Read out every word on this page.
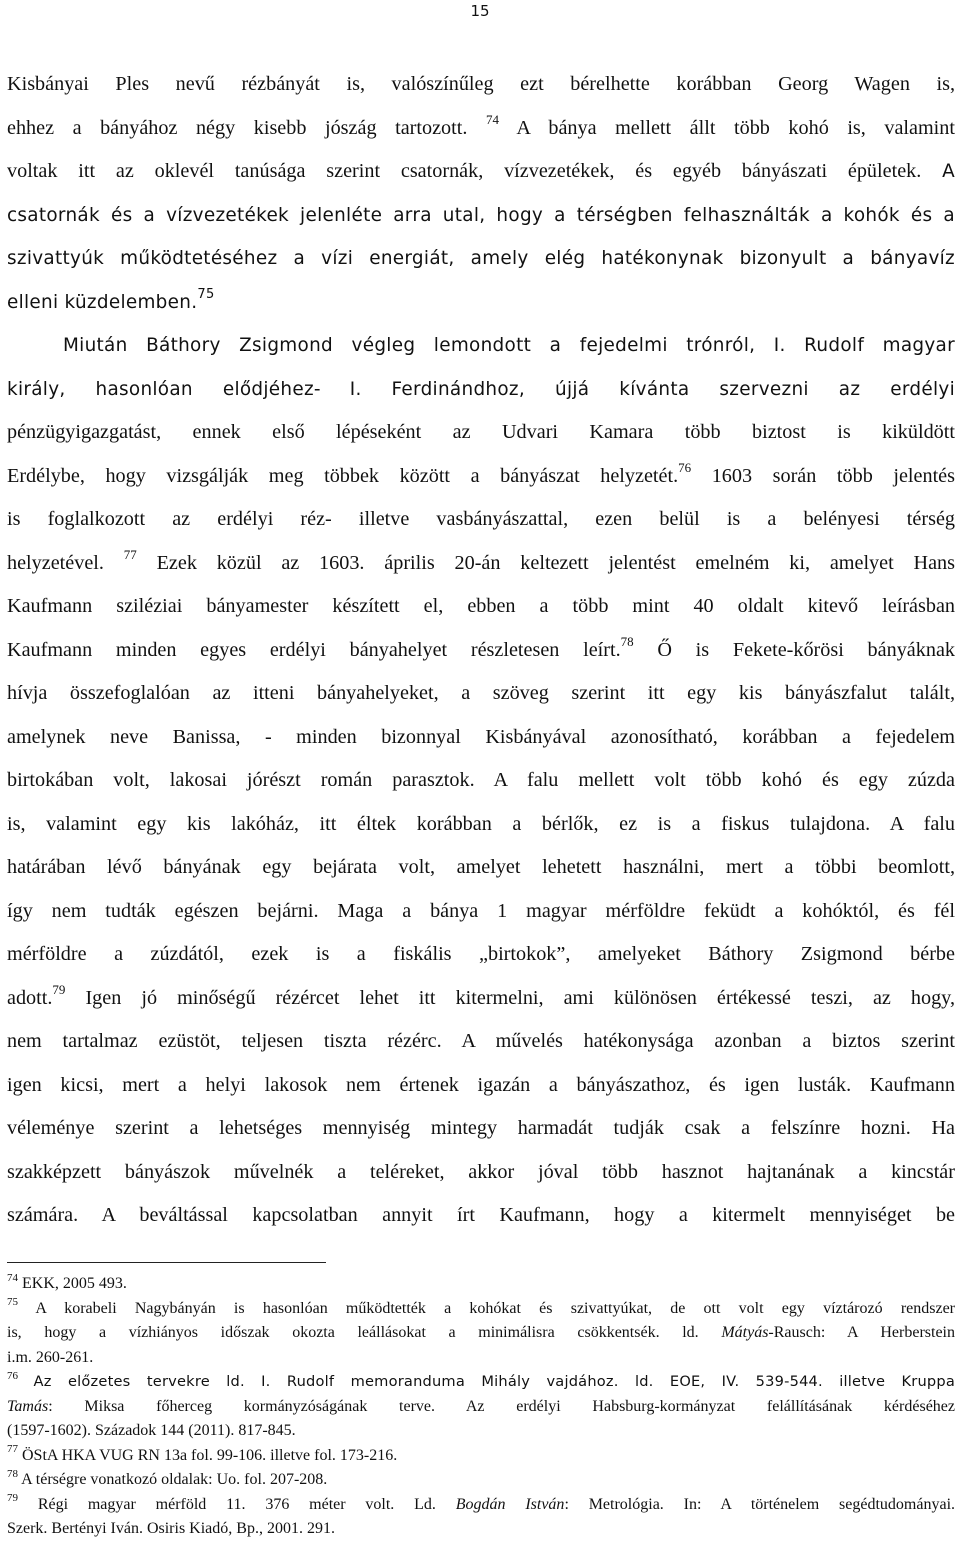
15

Kisbányai Ples nevű rézbányát is, valószínűleg ezt bérelhette korábban Georg Wagen is,
ehhez a bányához négy kisebb jószág tartozott. $^{74}$ A bánya mellett állt több kohó is, valamint
voltak itt az oklevél tanúsága szerint csatornák, vízvezetékek, és egyéb bányászati épületek. A
csatornák és a vízvezetékek jelenléte arra utal, hogy a térségben felhasználták a kohók és a
szivattyúk működtetéséhez a vízi energiát, amely elég hatékonynak bizonyult a bányavíz
elleni küzdelemben.$^{75}$

Miután Báthory Zsigmond végleg lemondott a fejedelmi trónról, I. Rudolf magyar
király, hasonlóan elődjéhez- I. Ferdinándhoz, újjá kívánta szervezni az erdélyi
pénzügyigazgatást, ennek első lépéseként az Udvari Kamara több biztost is kiküldött
Erdélybe, hogy vizsgálják meg többek között a bányászat helyzetét.$^{76}$ 1603 során több jelentés
is foglalkozott az erdélyi réz- illetve vasbányászattal, ezen belül is a belényesi térség
helyzetével. $^{77}$ Ezek közül az 1603. április 20-án keltezett jelentést emelném ki, amelyet Hans
Kaufmann sziléziai bányamester készített el, ebben a több mint 40 oldalt kitevő leírásban
Kaufmann minden egyes erdélyi bányahelyet részletesen leírt.$^{78}$ Ő is Fekete-kőrösi bányáknak
hívja összefoglalóan az itteni bányahelyeket, a szöveg szerint itt egy kis bányászfalut talált,
amelynek neve Banissa, - minden bizonnyal Kisbányával azonosítható, korábban a fejedelem
birtokában volt, lakosai jórészt román parasztok. A falu mellett volt több kohó és egy zúzda
is, valamint egy kis lakóház, itt éltek korábban a bérlők, ez is a fiskus tulajdona. A falu
határában lévő bányának egy bejárata volt, amelyet lehetett használni, mert a többi beomlott,
így nem tudták egészen bejárni. Maga a bánya 1 magyar mérföldre feküdt a kohóktól, és fél
mérföldre a zúzdától, ezek is a fiskális „birtokok”, amelyeket Báthory Zsigmond bérbe
adott.$^{79}$ Igen jó minőségű rézércet lehet itt kitermelni, ami különösen értékessé teszi, az hogy,
nem tartalmaz ezüstöt, teljesen tiszta rézérc. A művelés hatékonysága azonban a biztos szerint
igen kicsi, mert a helyi lakosok nem értenek igazán a bányászathoz, és igen lusták. Kaufmann
véleménye szerint a lehetséges mennyiség mintegy harmadát tudják csak a felszínre hozni. Ha
szakképzett bányászok művelnék a teléreket, akkor jóval több hasznot hajtanának a kincstár
számára. A beváltással kapcsolatban annyit írt Kaufmann, hogy a kitermelt mennyiséget be

$^{74}$ EKK, 2005 493.
$^{75}$ A korabeli Nagybányán is hasonlóan működtették a kohókat és szivattyúkat, de ott volt egy víztározó rendszer
is, hogy a vízhiányos időszak okozta leállásokat a minimálisra csökkentsék. ld. Mátyás-Rausch: A Herberstein
i.m. 260-261.
$^{76}$ Az előzetes tervekre ld. I. Rudolf memoranduma Mihály vajdához. ld. EOE, IV. 539-544. illetve Kruppa
Tamás: Miksa főherceg kormányzóságának terve. Az erdélyi Habsburg-kormányzat felállításának kérdéséhez
(1597-1602). Századok 144 (2011). 817-845.
$^{77}$ ÖStA HKA VUG RN 13a fol. 99-106. illetve fol. 173-216.
$^{78}$ A térségre vonatkozó oldalak: Uo. fol. 207-208.
$^{79}$ Régi magyar mérföld 11. 376 méter volt. Ld. Bogdán István: Metrológia. In: A történelem segédtudományai.
Szerk. Bertényi Iván. Osiris Kiadó, Bp., 2001. 291.
